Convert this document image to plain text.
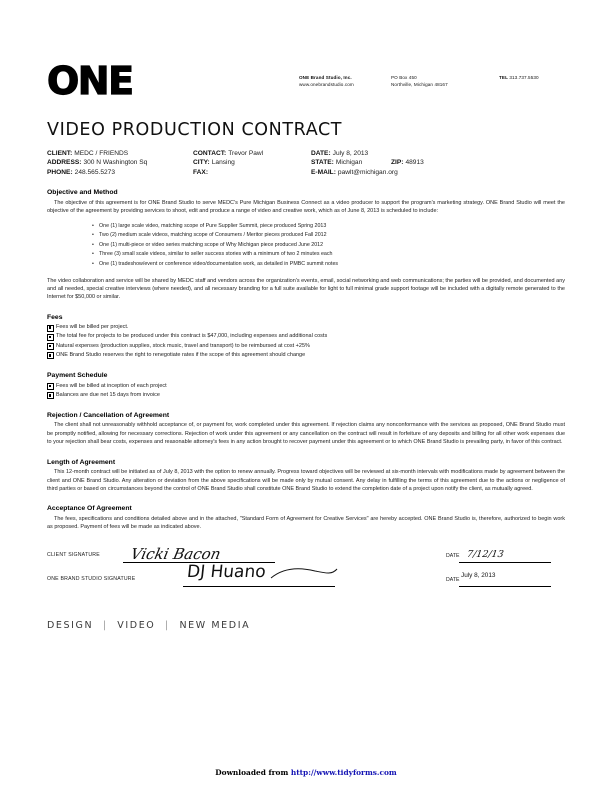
ONE	ONE Brand Studio, Inc.
www.onebrandstudio.com
PO Box 450
Northville, Michigan 48167
TEL 313.737.5530
VIDEO PRODUCTION CONTRACT
CLIENT: MEDC / FRIENDS	CONTACT: Trevor Pawl	DATE: July 8, 2013
ADDRESS: 300 N Washington Sq	CITY: Lansing	STATE: Michigan	ZIP: 48913
PHONE: 248.565.5273	FAX:	E-MAIL: pawlt@michigan.org
Objective and Method
The objective of this agreement is for ONE Brand Studio to serve MEDC's Pure Michigan Business Connect as a video producer to support the program's marketing strategy. ONE Brand Studio will meet the objective of the agreement by providing services to shoot, edit and produce a range of video and creative work, which as of June 8, 2013 is scheduled to include:
• One (1) large scale video, matching scope of Pure Supplier Summit, piece produced Spring 2013
• Two (2) medium scale videos, matching scope of Consumers / Meritor pieces produced Fall 2012
• One (1) multi-piece or video series matching scope of Why Michigan piece produced June 2012
• Three (3) small scale videos, similar to seller success stories with a minimum of two 2 minutes each
• One (1) tradeshow/event or conference video/documentation work, as detailed in PMBC summit notes
The video collaboration and service will be shared by MEDC staff and vendors across the organization's events, email, social networking and web communications; the parties will be provided, and documented any and all needed, special creative interviews (where needed), and all necessary branding for a full suite available for light to full minimal grade support footage will be included with a digitally remote generated to the Internet for $50,000 or similar.
Fees
Fees will be billed per project.
The total fee for projects to be produced under this contract is $47,000, including expenses and additional costs
Natural expenses (production supplies, stock music, travel and transport) to be reimbursed at cost +25%
ONE Brand Studio reserves the right to renegotiate rates if the scope of this agreement should change
Payment Schedule
Fees will be billed at inception of each project
Balances are due net 15 days from invoice
Rejection / Cancellation of Agreement
The client shall not unreasonably withhold acceptance of, or payment for, work completed under this agreement. If rejection claims any nonconformance with the services as proposed, ONE Brand Studio must be promptly notified, allowing for necessary corrections. Rejection of work under this agreement or any cancellation on the contract will result in forfeiture of any deposits and billing for all other work expenses due to your rejection shall bear costs, expenses and reasonable attorney's fees in any action brought to recover payment under this agreement or to which ONE Brand Studio is prevailing party, in favor of this contract.
Length of Agreement
This 12-month contract will be initiated as of July 8, 2013 with the option to renew annually. Progress toward objectives will be reviewed at six-month intervals with modifications made by agreement between the client and ONE Brand Studio. Any alteration or deviation from the above specifications will be made only by mutual consent. Any delay in fulfilling the terms of this agreement due to the actions or negligence of third parties or based on circumstances beyond the control of ONE Brand Studio shall constitute ONE Brand Studio to extend the completion date of a project upon notify the client, as mutually agreed.
Acceptance Of Agreement
The fees, specifications and conditions detailed above and in the attached, "Standard Form of Agreement for Creative Services" are hereby accepted. ONE Brand Studio is, therefore, authorized to begin work as proposed. Payment of fees will be made as indicated above.
CLIENT SIGNATURE Vicki Bacon	DATE 7/12/13
ONE BRAND STUDIO SIGNATURE	DJ Huano	DATE
July 8, 2013
DESIGN | VIDEO | NEW MEDIA
Downloaded from http://www.tidyforms.com
